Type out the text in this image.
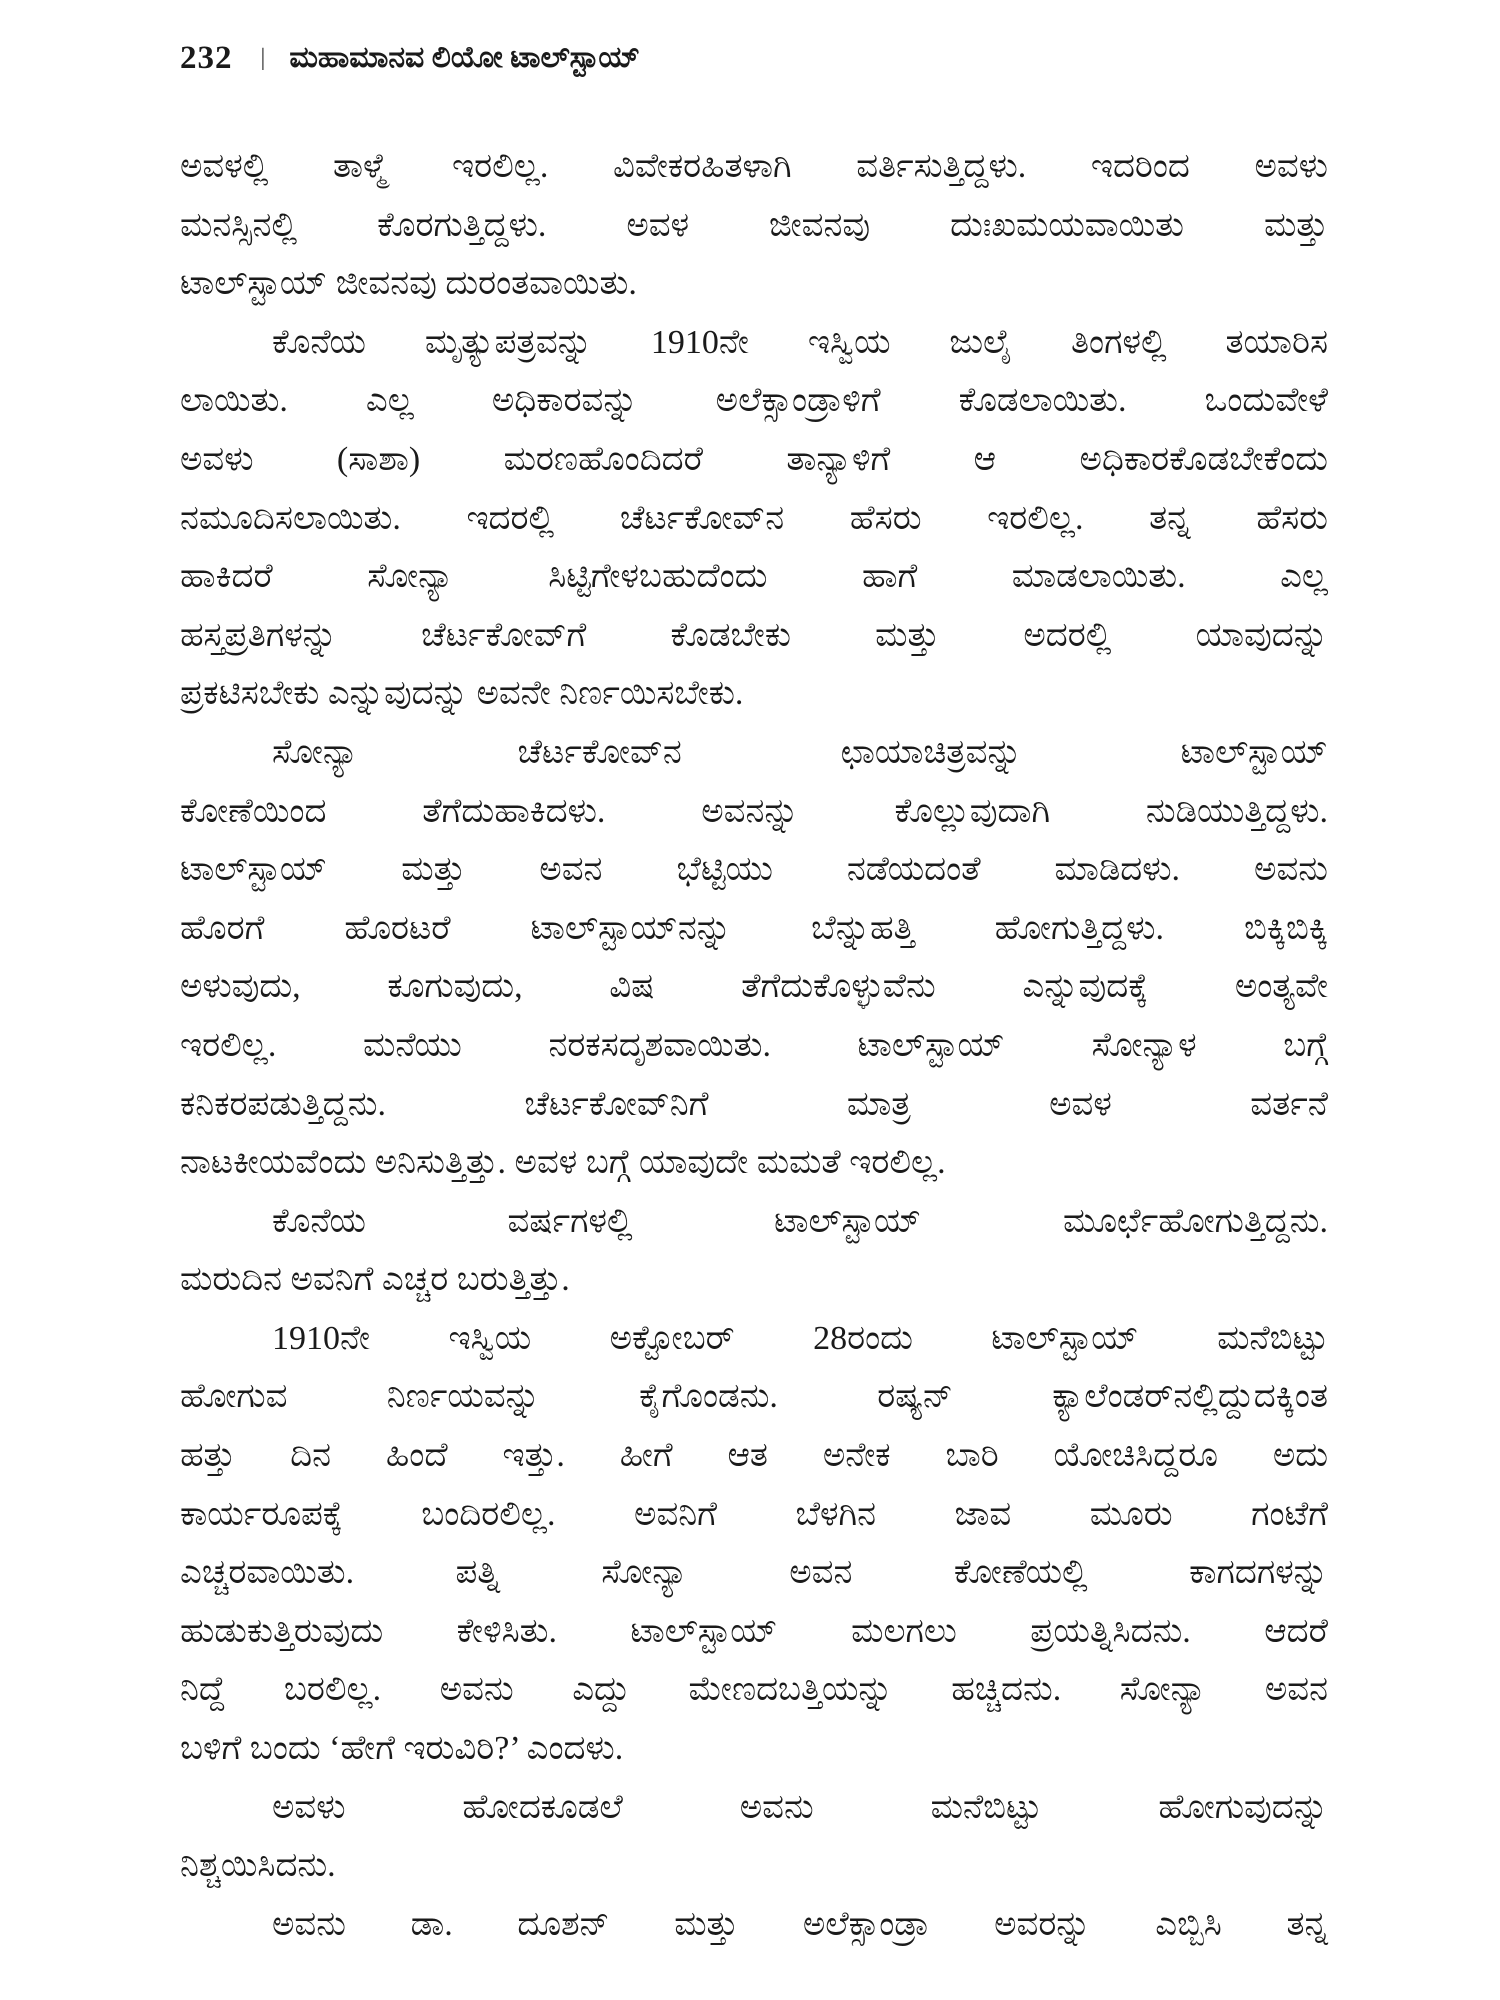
232 | ಮಹಾಮಾನವ ಲಿಯೋ ಟಾಲ್‌ಸ್ಟಾಯ್
ಅವಳಲ್ಲಿ ತಾಳ್ಮೆ ಇರಲಿಲ್ಲ. ವಿವೇಕರಹಿತಳಾಗಿ ವರ್ತಿಸುತ್ತಿದ್ದಳು. ಇದರಿಂದ ಅವಳು
ಮನಸ್ಸಿನಲ್ಲಿ ಕೊರಗುತ್ತಿದ್ದಳು. ಅವಳ ಜೀವನವು ದುಃಖಮಯವಾಯಿತು ಮತ್ತು
ಟಾಲ್‌ಸ್ಟಾಯ್ ಜೀವನವು ದುರಂತವಾಯಿತು.
ಕೊನೆಯ ಮೃತ್ಯುಪತ್ರವನ್ನು 1910ನೇ ಇಸ್ವಿಯ ಜುಲೈ ತಿಂಗಳಲ್ಲಿ ತಯಾರಿಸ
ಲಾಯಿತು. ಎಲ್ಲ ಅಧಿಕಾರವನ್ನು ಅಲೆಕ್ಸಾಂಡ್ರಾಳಿಗೆ ಕೊಡಲಾಯಿತು. ಒಂದುವೇಳೆ
ಅವಳು (ಸಾಶಾ) ಮರಣಹೊಂದಿದರೆ ತಾನ್ಯಾಳಿಗೆ ಆ ಅಧಿಕಾರಕೊಡಬೇಕೆಂದು
ನಮೂದಿಸಲಾಯಿತು. ಇದರಲ್ಲಿ ಚೆರ್ಟಕೋವ್‌ನ ಹೆಸರು ಇರಲಿಲ್ಲ. ತನ್ನ ಹೆಸರು
ಹಾಕಿದರೆ ಸೋನ್ಯಾ ಸಿಟ್ಟಿಗೇಳಬಹುದೆಂದು ಹಾಗೆ ಮಾಡಲಾಯಿತು. ಎಲ್ಲ
ಹಸ್ತಪ್ರತಿಗಳನ್ನು ಚೆರ್ಟಕೋವ್‌ಗೆ ಕೊಡಬೇಕು ಮತ್ತು ಅದರಲ್ಲಿ ಯಾವುದನ್ನು
ಪ್ರಕಟಿಸಬೇಕು ಎನ್ನುವುದನ್ನು ಅವನೇ ನಿರ್ಣಯಿಸಬೇಕು.
ಸೋನ್ಯಾ ಚೆರ್ಟಕೋವ್‌ನ ಛಾಯಾಚಿತ್ರವನ್ನು ಟಾಲ್‌ಸ್ಟಾಯ್
ಕೋಣೆಯಿಂದ ತೆಗೆದುಹಾಕಿದಳು. ಅವನನ್ನು ಕೊಲ್ಲುವುದಾಗಿ ನುಡಿಯುತ್ತಿದ್ದಳು.
ಟಾಲ್‌ಸ್ಟಾಯ್ ಮತ್ತು ಅವನ ಭೆಟ್ಟಿಯು ನಡೆಯದಂತೆ ಮಾಡಿದಳು. ಅವನು
ಹೊರಗೆ ಹೊರಟರೆ ಟಾಲ್‌ಸ್ಟಾಯ್‌ನನ್ನು ಬೆನ್ನುಹತ್ತಿ ಹೋಗುತ್ತಿದ್ದಳು. ಬಿಕ್ಕಿಬಿಕ್ಕಿ
ಅಳುವುದು, ಕೂಗುವುದು, ವಿಷ ತೆಗೆದುಕೊಳ್ಳುವೆನು ಎನ್ನುವುದಕ್ಕೆ ಅಂತ್ಯವೇ
ಇರಲಿಲ್ಲ. ಮನೆಯು ನರಕಸದೃಶವಾಯಿತು. ಟಾಲ್‌ಸ್ಟಾಯ್ ಸೋನ್ಯಾಳ ಬಗ್ಗೆ
ಕನಿಕರಪಡುತ್ತಿದ್ದನು. ಚೆರ್ಟಕೋವ್‌ನಿಗೆ ಮಾತ್ರ ಅವಳ ವರ್ತನೆ
ನಾಟಕೀಯವೆಂದು ಅನಿಸುತ್ತಿತ್ತು. ಅವಳ ಬಗ್ಗೆ ಯಾವುದೇ ಮಮತೆ ಇರಲಿಲ್ಲ.
ಕೊನೆಯ ವರ್ಷಗಳಲ್ಲಿ ಟಾಲ್‌ಸ್ಟಾಯ್ ಮೂರ್ಛೆಹೋಗುತ್ತಿದ್ದನು.
ಮರುದಿನ ಅವನಿಗೆ ಎಚ್ಚರ ಬರುತ್ತಿತ್ತು.
1910ನೇ ಇಸ್ವಿಯ ಅಕ್ಟೋಬರ್ 28ರಂದು ಟಾಲ್‌ಸ್ಟಾಯ್ ಮನೆಬಿಟ್ಟು
ಹೋಗುವ ನಿರ್ಣಯವನ್ನು ಕೈಗೊಂಡನು. ರಷ್ಯನ್ ಕ್ಯಾಲೆಂಡರ್‌ನಲ್ಲಿದ್ದುದಕ್ಕಿಂತ
ಹತ್ತು ದಿನ ಹಿಂದೆ ಇತ್ತು. ಹೀಗೆ ಆತ ಅನೇಕ ಬಾರಿ ಯೋಚಿಸಿದ್ದರೂ ಅದು
ಕಾರ್ಯರೂಪಕ್ಕೆ ಬಂದಿರಲಿಲ್ಲ. ಅವನಿಗೆ ಬೆಳಗಿನ ಜಾವ ಮೂರು ಗಂಟೆಗೆ
ಎಚ್ಚರವಾಯಿತು. ಪತ್ನಿ ಸೋನ್ಯಾ ಅವನ ಕೋಣೆಯಲ್ಲಿ ಕಾಗದಗಳನ್ನು
ಹುಡುಕುತ್ತಿರುವುದು ಕೇಳಿಸಿತು. ಟಾಲ್‌ಸ್ಟಾಯ್ ಮಲಗಲು ಪ್ರಯತ್ನಿಸಿದನು. ಆದರೆ
ನಿದ್ದೆ ಬರಲಿಲ್ಲ. ಅವನು ಎದ್ದು ಮೇಣದಬತ್ತಿಯನ್ನು ಹಚ್ಚಿದನು. ಸೋನ್ಯಾ ಅವನ
ಬಳಿಗೆ ಬಂದು ‘ಹೇಗೆ ಇರುವಿರಿ?’ ಎಂದಳು.
ಅವಳು ಹೋದಕೂಡಲೆ ಅವನು ಮನೆಬಿಟ್ಟು ಹೋಗುವುದನ್ನು
ನಿಶ್ಚಯಿಸಿದನು.
ಅವನು ಡಾ. ದೂಶನ್ ಮತ್ತು ಅಲೆಕ್ಸಾಂಡ್ರಾ ಅವರನ್ನು ಎಬ್ಬಿಸಿ ತನ್ನ
